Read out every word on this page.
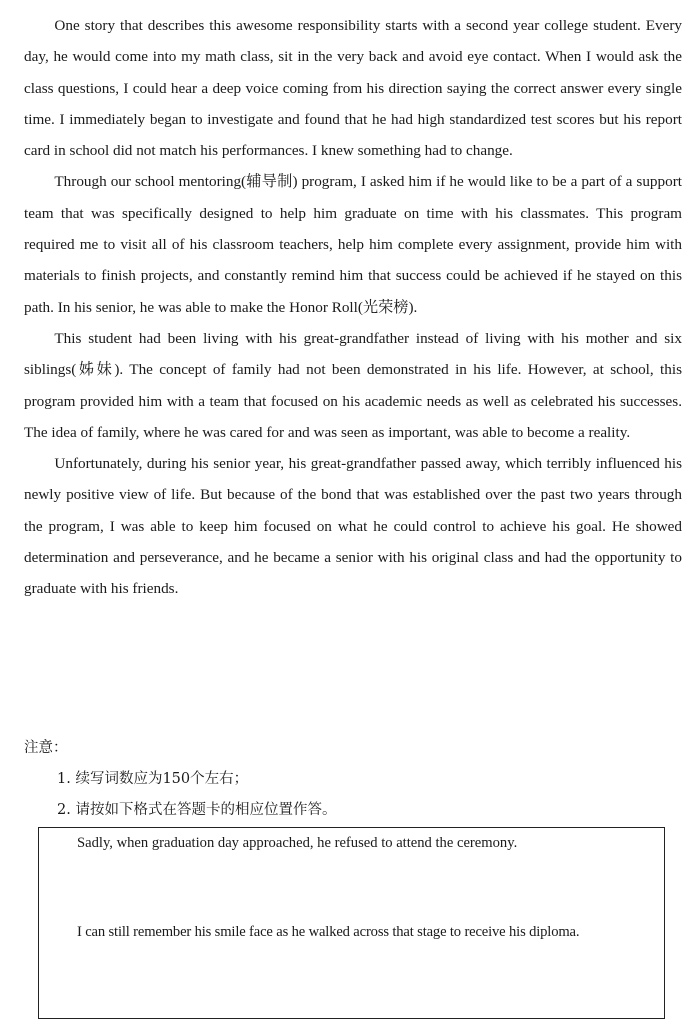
One story that describes this awesome responsibility starts with a second year college student. Every day, he would come into my math class, sit in the very back and avoid eye contact. When I would ask the class questions, I could hear a deep voice coming from his direction saying the correct answer every single time. I immediately began to investigate and found that he had high standardized test scores but his report card in school did not match his performances. I knew something had to change.

Through our school mentoring(辅导制) program, I asked him if he would like to be a part of a support team that was specifically designed to help him graduate on time with his classmates. This program required me to visit all of his classroom teachers, help him complete every assignment, provide him with materials to finish projects, and constantly remind him that success could be achieved if he stayed on this path. In his senior, he was able to make the Honor Roll(光荣榜).

This student had been living with his great-grandfather instead of living with his mother and six siblings(姊妹). The concept of family had not been demonstrated in his life. However, at school, this program provided him with a team that focused on his academic needs as well as celebrated his successes. The idea of family, where he was cared for and was seen as important, was able to become a reality.

Unfortunately, during his senior year, his great-grandfather passed away, which terribly influenced his newly positive view of life. But because of the bond that was established over the past two years through the program, I was able to keep him focused on what he could control to achieve his goal. He showed determination and perseverance, and he became a senior with his original class and had the opportunity to graduate with his friends.

注意：

1. 续写词数应为150个左右；

2. 请按如下格式在答题卡的相应位置作答。

Sadly, when graduation day approached, he refused to attend the ceremony.

I can still remember his smile face as he walked across that stage to receive his diploma.
